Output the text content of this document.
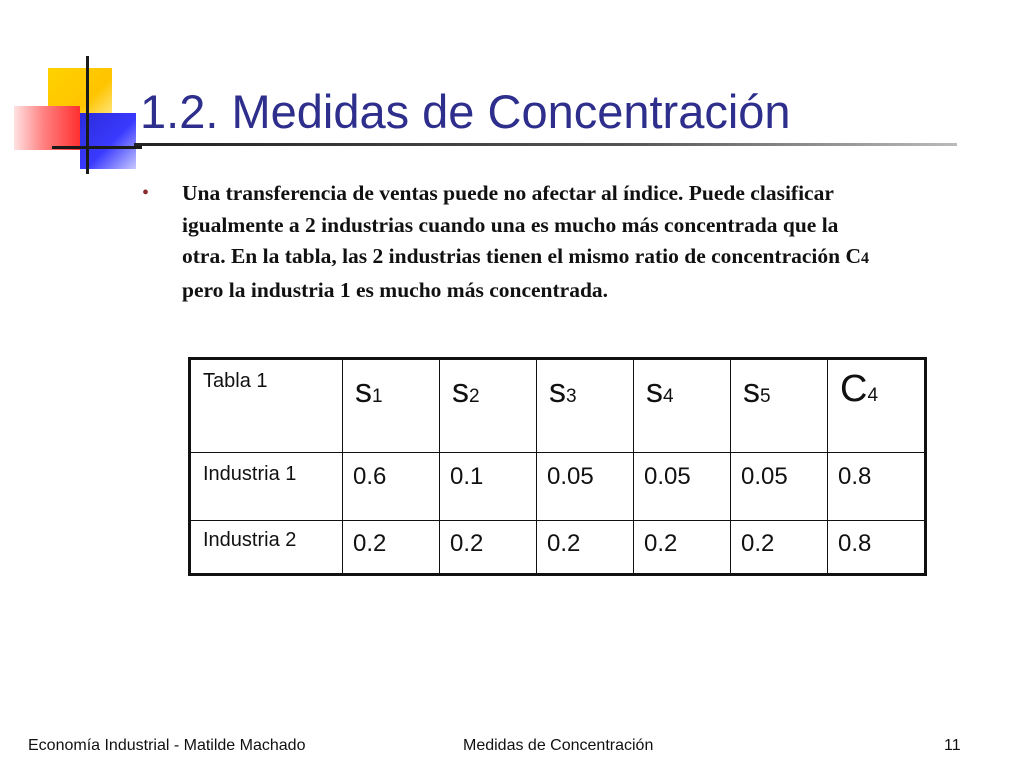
1.2. Medidas de Concentración
• Una transferencia de ventas puede no afectar al índice. Puede clasificar igualmente a 2 industrias cuando una es mucho más concentrada que la otra. En la tabla, las 2 industrias tienen el mismo ratio de concentración C4 pero la industria 1 es mucho más concentrada.
Tabla 1	s1	s2	s3	s4	s5	C4
Industria 1	0.6	0.1	0.05	0.05	0.05	0.8
Industria 2	0.2	0.2	0.2	0.2	0.2	0.8
Economía Industrial - Matilde Machado	Medidas de Concentración	11
